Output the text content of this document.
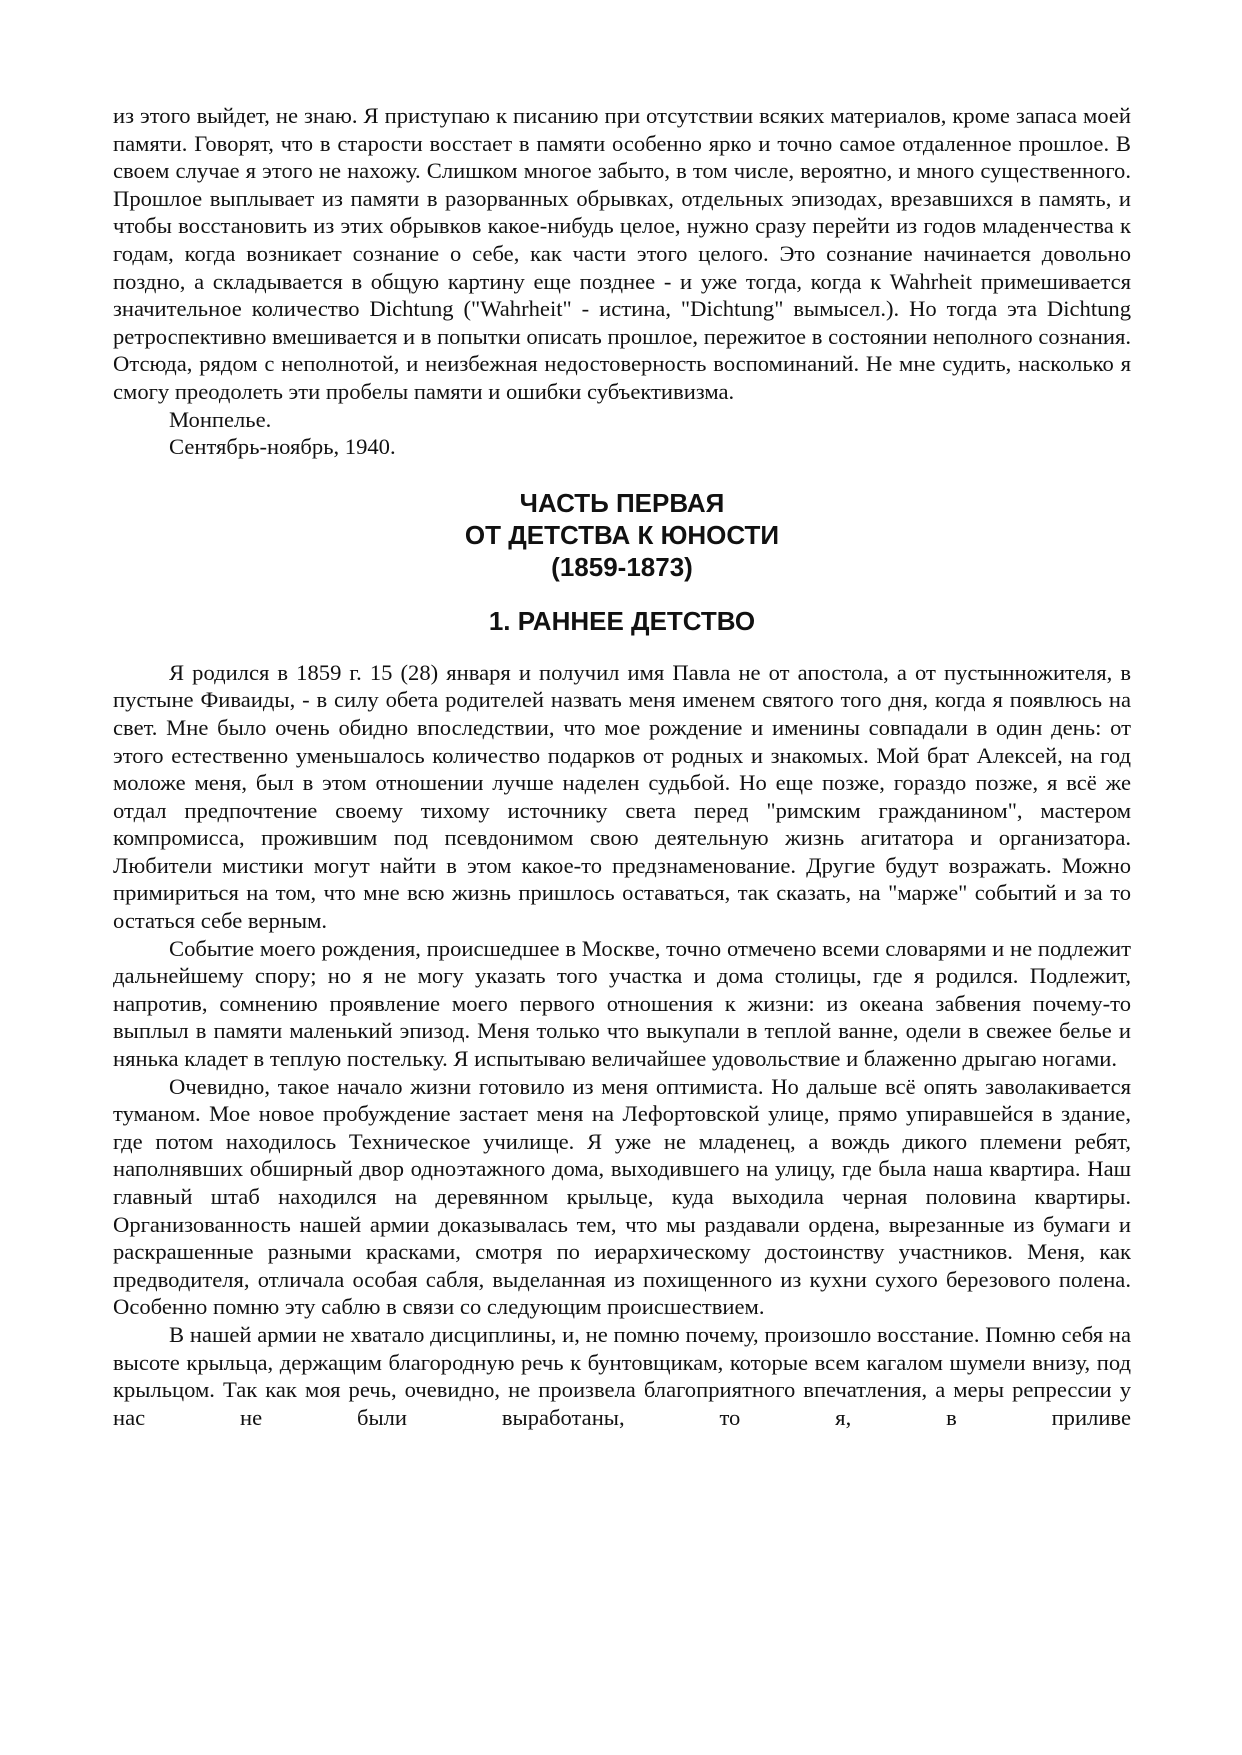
из этого выйдет, не знаю. Я приступаю к писанию при отсутствии всяких материалов, кроме запаса моей памяти. Говорят, что в старости восстает в памяти особенно ярко и точно самое отдаленное прошлое. В своем случае я этого не нахожу. Слишком многое забыто, в том числе, вероятно, и много существенного. Прошлое выплывает из памяти в разорванных обрывках, отдельных эпизодах, врезавшихся в память, и чтобы восстановить из этих обрывков какое-нибудь целое, нужно сразу перейти из годов младенчества к годам, когда возникает сознание о себе, как части этого целого. Это сознание начинается довольно поздно, а складывается в общую картину еще позднее - и уже тогда, когда к Wahrheit примешивается значительное количество Dichtung ("Wahrheit" - истина, "Dichtung" вымысел.). Но тогда эта Dichtung ретроспективно вмешивается и в попытки описать прошлое, пережитое в состоянии неполного сознания. Отсюда, рядом с неполнотой, и неизбежная недостоверность воспоминаний. Не мне судить, насколько я смогу преодолеть эти пробелы памяти и ошибки субъективизма.

Монпелье.

Сентябрь-ноябрь, 1940.

ЧАСТЬ ПЕРВАЯ
ОТ ДЕТСТВА К ЮНОСТИ
(1859-1873)
1. РАННЕЕ ДЕТСТВО

Я родился в 1859 г. 15 (28) января и получил имя Павла не от апостола, а от пустынножителя, в пустыне Фиваиды, - в силу обета родителей назвать меня именем святого того дня, когда я появлюсь на свет. Мне было очень обидно впоследствии, что мое рождение и именины совпадали в один день: от этого естественно уменьшалось количество подарков от родных и знакомых. Мой брат Алексей, на год моложе меня, был в этом отношении лучше наделен судьбой. Но еще позже, гораздо позже, я всё же отдал предпочтение своему тихому источнику света перед "римским гражданином", мастером компромисса, прожившим под псевдонимом свою деятельную жизнь агитатора и организатора. Любители мистики могут найти в этом какое-то предзнаменование. Другие будут возражать. Можно примириться на том, что мне всю жизнь пришлось оставаться, так сказать, на "марже" событий и за то остаться себе верным.

Событие моего рождения, происшедшее в Москве, точно отмечено всеми словарями и не подлежит дальнейшему спору; но я не могу указать того участка и дома столицы, где я родился. Подлежит, напротив, сомнению проявление моего первого отношения к жизни: из океана забвения почему-то выплыл в памяти маленький эпизод. Меня только что выкупали в теплой ванне, одели в свежее белье и нянька кладет в теплую постельку. Я испытываю величайшее удовольствие и блаженно дрыгаю ногами.

Очевидно, такое начало жизни готовило из меня оптимиста. Но дальше всё опять заволакивается туманом. Мое новое пробуждение застает меня на Лефортовской улице, прямо упиравшейся в здание, где потом находилось Техническое училище. Я уже не младенец, а вождь дикого племени ребят, наполнявших обширный двор одноэтажного дома, выходившего на улицу, где была наша квартира. Наш главный штаб находился на деревянном крыльце, куда выходила черная половина квартиры. Организованность нашей армии доказывалась тем, что мы раздавали ордена, вырезанные из бумаги и раскрашенные разными красками, смотря по иерархическому достоинству участников. Меня, как предводителя, отличала особая сабля, выделанная из похищенного из кухни сухого березового полена. Особенно помню эту саблю в связи со следующим происшествием.

В нашей армии не хватало дисциплины, и, не помню почему, произошло восстание. Помню себя на высоте крыльца, держащим благородную речь к бунтовщикам, которые всем кагалом шумели внизу, под крыльцом. Так как моя речь, очевидно, не произвела благоприятного впечатления, а меры репрессии у нас не были выработаны, то я, в приливе
